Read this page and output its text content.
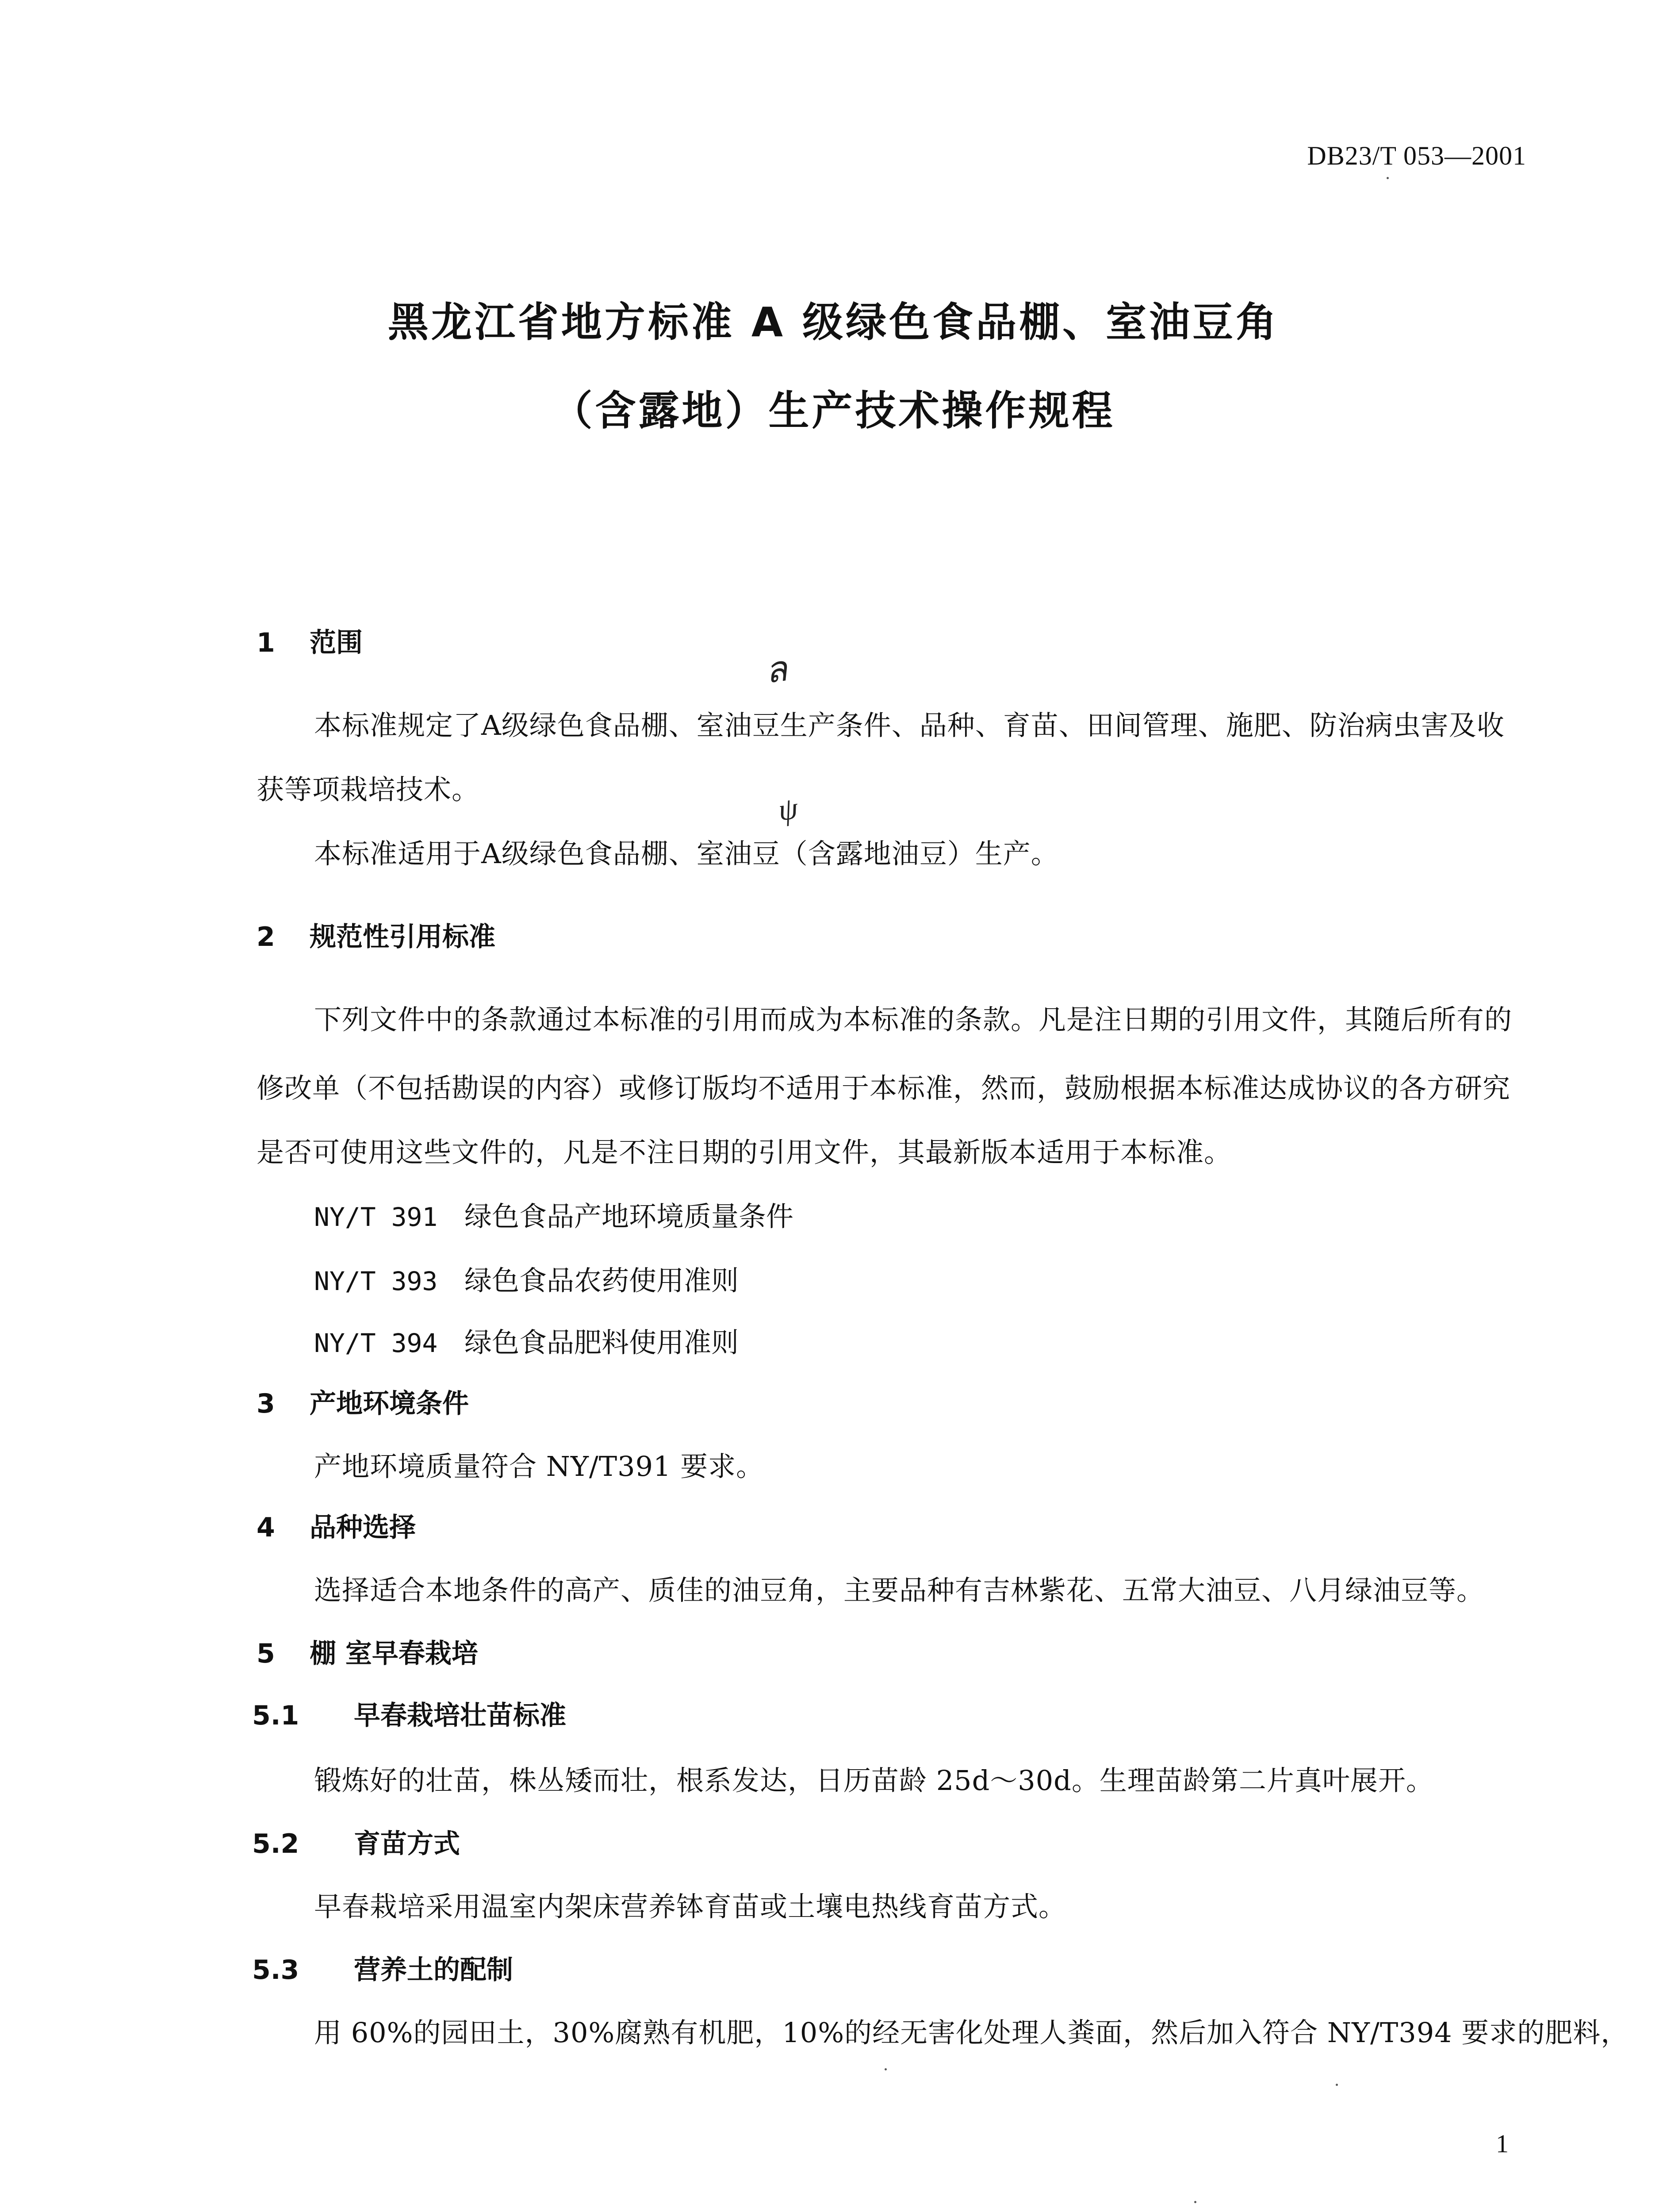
DB23/T 053—2001
黑龙江省地方标准 A 级绿色食品棚、室油豆角
（含露地）生产技术操作规程
1 范围
ล
本标准规定了A级绿色食品棚、室油豆生产条件、品种、育苗、田间管理、施肥、防治病虫害及收
获等项栽培技术。
ψ
本标准适用于A级绿色食品棚、室油豆（含露地油豆）生产。
2 规范性引用标准
下列文件中的条款通过本标准的引用而成为本标准的条款。凡是注日期的引用文件，其随后所有的
修改单（不包括勘误的内容）或修订版均不适用于本标准，然而，鼓励根据本标准达成协议的各方研究
是否可使用这些文件的，凡是不注日期的引用文件，其最新版本适用于本标准。
NY/T 391 绿色食品产地环境质量条件
NY/T 393 绿色食品农药使用准则
NY/T 394 绿色食品肥料使用准则
3 产地环境条件
产地环境质量符合 NY/T391 要求。
4 品种选择
选择适合本地条件的高产、质佳的油豆角，主要品种有吉林紫花、五常大油豆、八月绿油豆等。
5 棚 室早春栽培
5.1 早春栽培壮苗标准
锻炼好的壮苗，株丛矮而壮，根系发达，日历苗龄 25d～30d。生理苗龄第二片真叶展开。
5.2 育苗方式
早春栽培采用温室内架床营养钵育苗或土壤电热线育苗方式。
5.3 营养土的配制
用 60%的园田土，30%腐熟有机肥，10%的经无害化处理人粪面，然后加入符合 NY/T394 要求的肥料，
1
